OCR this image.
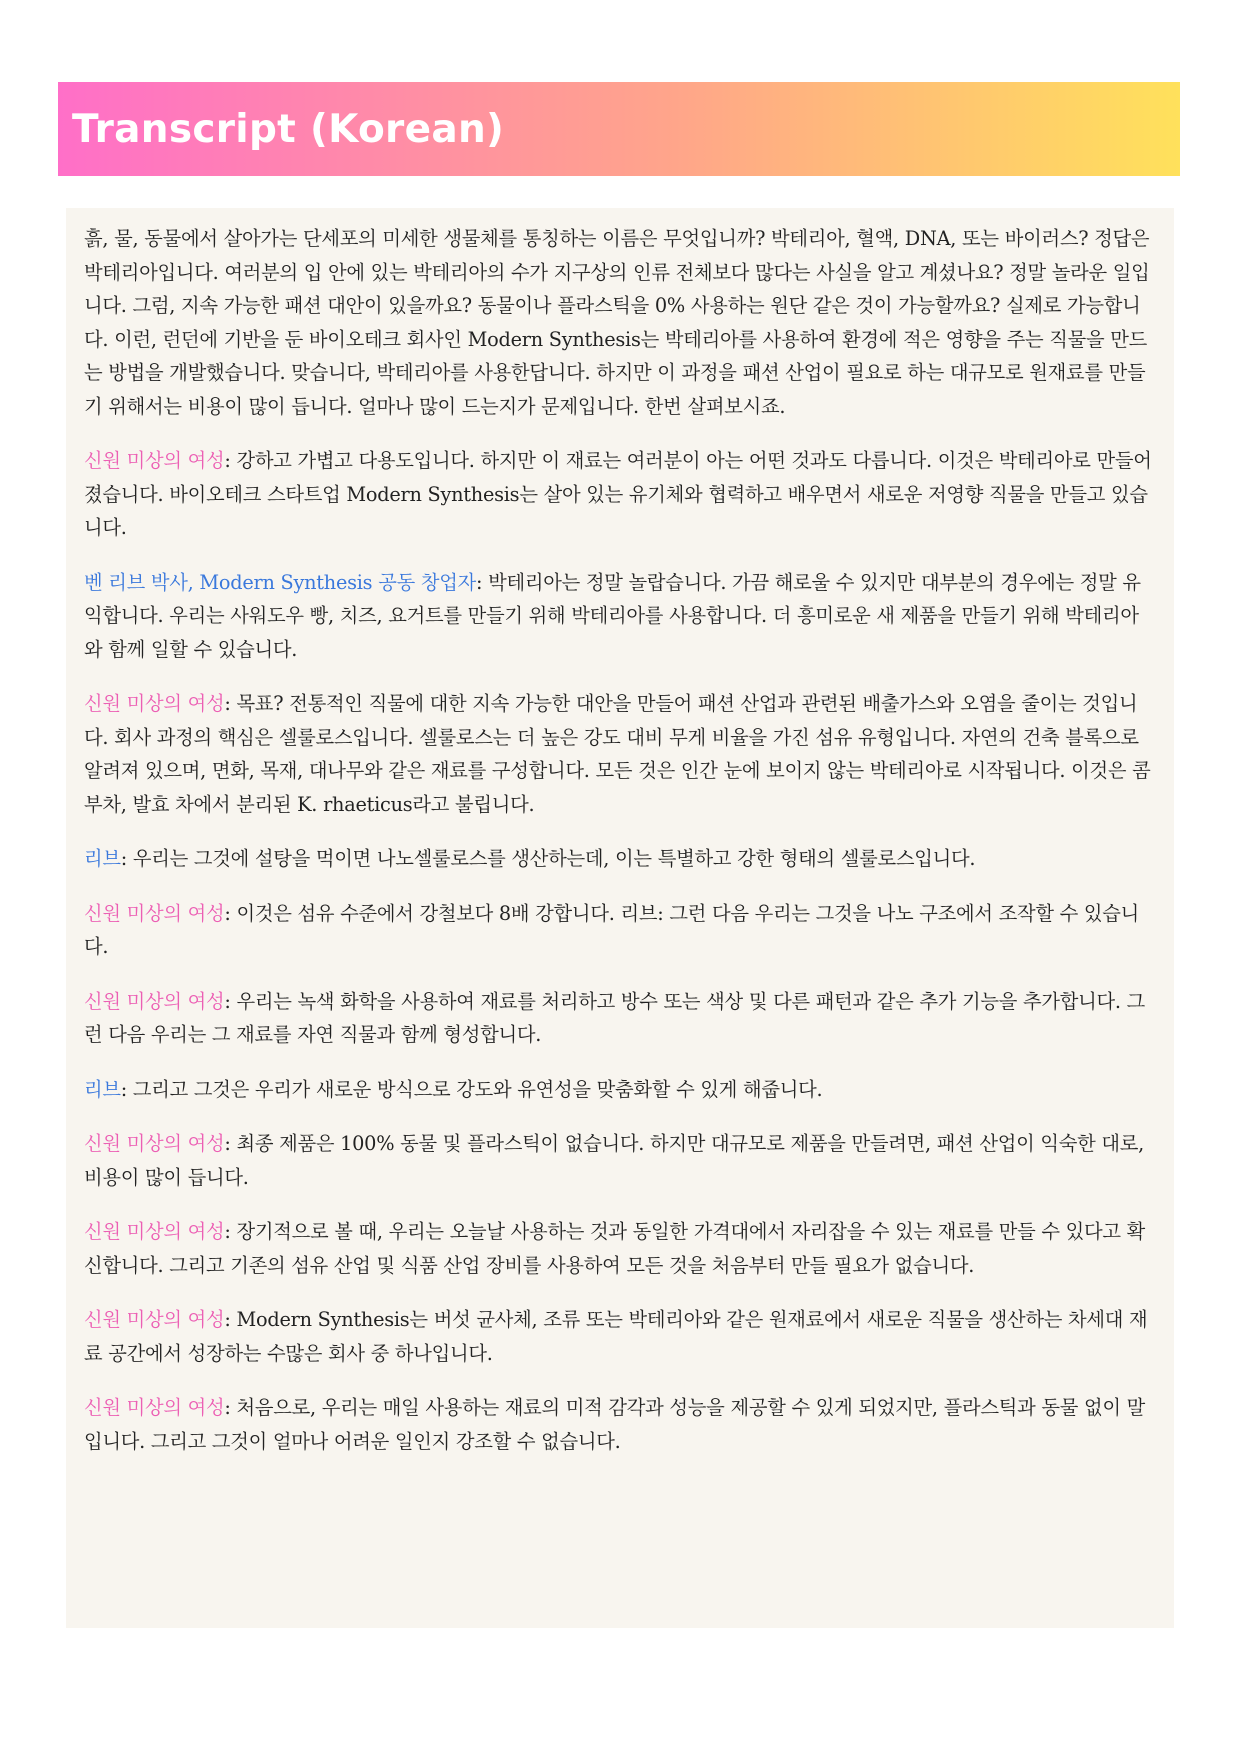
Transcript (Korean)

흙, 물, 동물에서 살아가는 단세포의 미세한 생물체를 통칭하는 이름은 무엇입니까? 박테리아, 혈액, DNA, 또는 바이러스? 정답은 박테리아입니다. 여러분의 입 안에 있는 박테리아의 수가 지구상의 인류 전체보다 많다는 사실을 알고 계셨나요? 정말 놀라운 일입니다. 그럼, 지속 가능한 패션 대안이 있을까요? 동물이나 플라스틱을 0% 사용하는 원단 같은 것이 가능할까요? 실제로 가능합니다. 이런, 런던에 기반을 둔 바이오테크 회사인 Modern Synthesis는 박테리아를 사용하여 환경에 적은 영향을 주는 직물을 만드는 방법을 개발했습니다. 맞습니다, 박테리아를 사용한답니다. 하지만 이 과정을 패션 산업이 필요로 하는 대규모로 원재료를 만들기 위해서는 비용이 많이 듭니다. 얼마나 많이 드는지가 문제입니다. 한번 살펴보시죠.

신원 미상의 여성: 강하고 가볍고 다용도입니다. 하지만 이 재료는 여러분이 아는 어떤 것과도 다릅니다. 이것은 박테리아로 만들어졌습니다. 바이오테크 스타트업 Modern Synthesis는 살아 있는 유기체와 협력하고 배우면서 새로운 저영향 직물을 만들고 있습니다.

벤 리브 박사, Modern Synthesis 공동 창업자: 박테리아는 정말 놀랍습니다. 가끔 해로울 수 있지만 대부분의 경우에는 정말 유익합니다. 우리는 사워도우 빵, 치즈, 요거트를 만들기 위해 박테리아를 사용합니다. 더 흥미로운 새 제품을 만들기 위해 박테리아와 함께 일할 수 있습니다.

신원 미상의 여성: 목표? 전통적인 직물에 대한 지속 가능한 대안을 만들어 패션 산업과 관련된 배출가스와 오염을 줄이는 것입니다. 회사 과정의 핵심은 셀룰로스입니다. 셀룰로스는 더 높은 강도 대비 무게 비율을 가진 섬유 유형입니다. 자연의 건축 블록으로 알려져 있으며, 면화, 목재, 대나무와 같은 재료를 구성합니다. 모든 것은 인간 눈에 보이지 않는 박테리아로 시작됩니다. 이것은 콤부차, 발효 차에서 분리된 K. rhaeticus라고 불립니다.

리브: 우리는 그것에 설탕을 먹이면 나노셀룰로스를 생산하는데, 이는 특별하고 강한 형태의 셀룰로스입니다.

신원 미상의 여성: 이것은 섬유 수준에서 강철보다 8배 강합니다. 리브: 그런 다음 우리는 그것을 나노 구조에서 조작할 수 있습니다.

신원 미상의 여성: 우리는 녹색 화학을 사용하여 재료를 처리하고 방수 또는 색상 및 다른 패턴과 같은 추가 기능을 추가합니다. 그런 다음 우리는 그 재료를 자연 직물과 함께 형성합니다.

리브: 그리고 그것은 우리가 새로운 방식으로 강도와 유연성을 맞춤화할 수 있게 해줍니다.

신원 미상의 여성: 최종 제품은 100% 동물 및 플라스틱이 없습니다. 하지만 대규모로 제품을 만들려면, 패션 산업이 익숙한 대로, 비용이 많이 듭니다.

신원 미상의 여성: 장기적으로 볼 때, 우리는 오늘날 사용하는 것과 동일한 가격대에서 자리잡을 수 있는 재료를 만들 수 있다고 확신합니다. 그리고 기존의 섬유 산업 및 식품 산업 장비를 사용하여 모든 것을 처음부터 만들 필요가 없습니다.

신원 미상의 여성: Modern Synthesis는 버섯 균사체, 조류 또는 박테리아와 같은 원재료에서 새로운 직물을 생산하는 차세대 재료 공간에서 성장하는 수많은 회사 중 하나입니다.

신원 미상의 여성: 처음으로, 우리는 매일 사용하는 재료의 미적 감각과 성능을 제공할 수 있게 되었지만, 플라스틱과 동물 없이 말입니다. 그리고 그것이 얼마나 어려운 일인지 강조할 수 없습니다.
